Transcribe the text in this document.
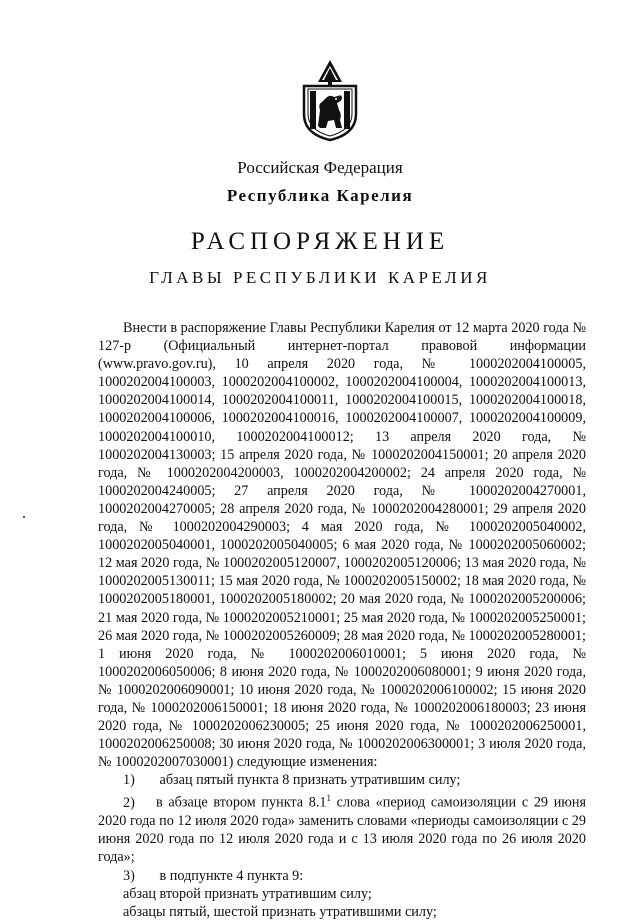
Российская Федерация
Республика Карелия
РАСПОРЯЖЕНИЕ
ГЛАВЫ РЕСПУБЛИКИ КАРЕЛИЯ

Внести в распоряжение Главы Республики Карелия от 12 марта 2020 года № 127-р (Официальный интернет-портал правовой информации (www.pravo.gov.ru), 10 апреля 2020 года, № 1000202004100005, 1000202004100003, 1000202004100002, 1000202004100004, 1000202004100013, 1000202004100014, 1000202004100011, 1000202004100015, 1000202004100018, 1000202004100006, 1000202004100016, 1000202004100007, 1000202004100009, 1000202004100010, 1000202004100012; 13 апреля 2020 года, № 1000202004130003; 15 апреля 2020 года, № 1000202004150001; 20 апреля 2020 года, № 1000202004200003, 1000202004200002; 24 апреля 2020 года, № 1000202004240005; 27 апреля 2020 года, № 1000202004270001, 1000202004270005; 28 апреля 2020 года, № 1000202004280001; 29 апреля 2020 года, № 1000202004290003; 4 мая 2020 года, № 1000202005040002, 1000202005040001, 1000202005040005; 6 мая 2020 года, № 1000202005060002; 12 мая 2020 года, № 1000202005120007, 1000202005120006; 13 мая 2020 года, № 1000202005130011; 15 мая 2020 года, № 1000202005150002; 18 мая 2020 года, № 1000202005180001, 1000202005180002; 20 мая 2020 года, № 1000202005200006; 21 мая 2020 года, № 1000202005210001; 25 мая 2020 года, № 1000202005250001; 26 мая 2020 года, № 1000202005260009; 28 мая 2020 года, № 1000202005280001; 1 июня 2020 года, № 1000202006010001; 5 июня 2020 года, № 1000202006050006; 8 июня 2020 года, № 1000202006080001; 9 июня 2020 года, № 1000202006090001; 10 июня 2020 года, № 1000202006100002; 15 июня 2020 года, № 1000202006150001; 18 июня 2020 года, № 1000202006180003; 23 июня 2020 года, № 1000202006230005; 25 июня 2020 года, № 1000202006250001, 1000202006250008; 30 июня 2020 года, № 1000202006300001; 3 июля 2020 года, № 1000202007030001) следующие изменения:

1) абзац пятый пункта 8 признать утратившим силу;

2) в абзаце втором пункта $8.1^1$ слова «период самоизоляции с 29 июня 2020 года по 12 июля 2020 года» заменить словами «периоды самоизоляции с 29 июня 2020 года по 12 июля 2020 года и с 13 июля 2020 года по 26 июля 2020 года»;

3) в подпункте 4 пункта 9:

абзац второй признать утратившим силу;

абзацы пятый, шестой признать утратившими силу;
